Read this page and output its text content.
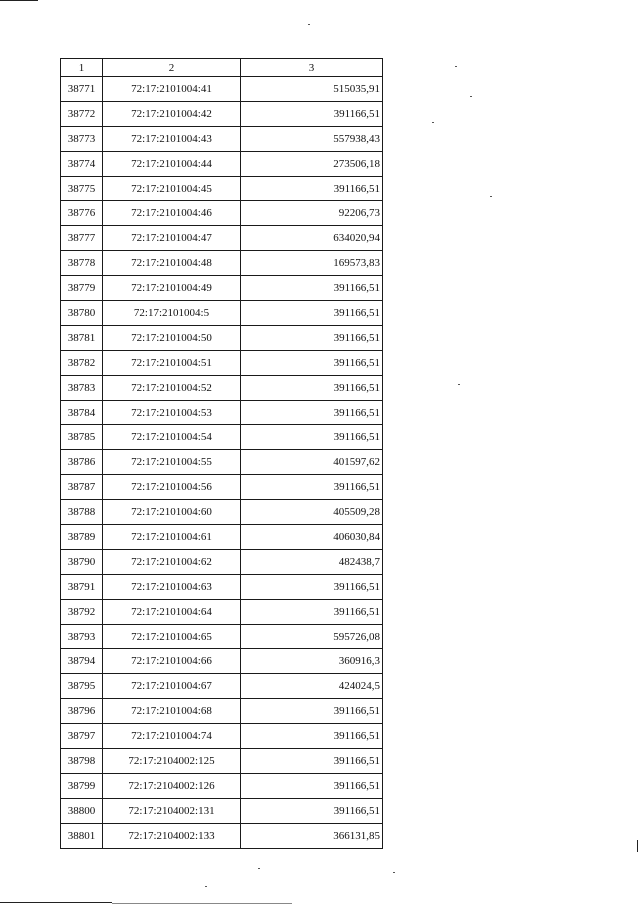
1	2	3
38771	72:17:2101004:41	515035,91
38772	72:17:2101004:42	391166,51
38773	72:17:2101004:43	557938,43
38774	72:17:2101004:44	273506,18
38775	72:17:2101004:45	391166,51
38776	72:17:2101004:46	92206,73
38777	72:17:2101004:47	634020,94
38778	72:17:2101004:48	169573,83
38779	72:17:2101004:49	391166,51
38780	72:17:2101004:5	391166,51
38781	72:17:2101004:50	391166,51
38782	72:17:2101004:51	391166,51
38783	72:17:2101004:52	391166,51
38784	72:17:2101004:53	391166,51
38785	72:17:2101004:54	391166,51
38786	72:17:2101004:55	401597,62
38787	72:17:2101004:56	391166,51
38788	72:17:2101004:60	405509,28
38789	72:17:2101004:61	406030,84
38790	72:17:2101004:62	482438,7
38791	72:17:2101004:63	391166,51
38792	72:17:2101004:64	391166,51
38793	72:17:2101004:65	595726,08
38794	72:17:2101004:66	360916,3
38795	72:17:2101004:67	424024,5
38796	72:17:2101004:68	391166,51
38797	72:17:2101004:74	391166,51
38798	72:17:2104002:125	391166,51
38799	72:17:2104002:126	391166,51
38800	72:17:2104002:131	391166,51
38801	72:17:2104002:133	366131,85
